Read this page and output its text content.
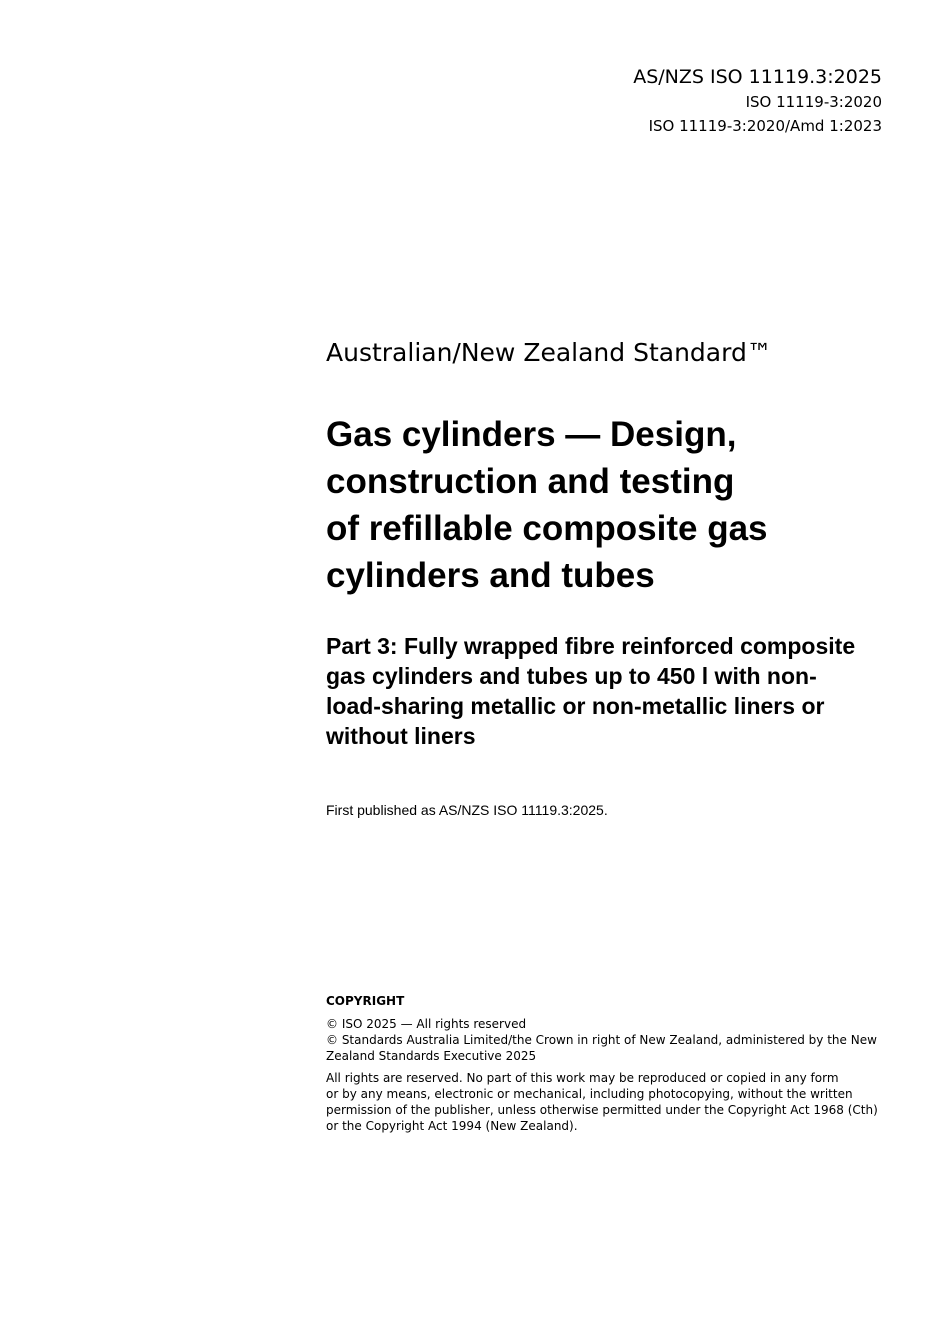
AS/NZS ISO 11119.3:2025
ISO 11119-3:2020
ISO 11119-3:2020/Amd 1:2023
Australian/New Zealand Standard™
Gas cylinders — Design,
construction and testing
of refillable composite gas
cylinders and tubes
Part 3: Fully wrapped fibre reinforced composite
gas cylinders and tubes up to 450 l with non-
load-sharing metallic or non-metallic liners or
without liners
First published as AS/NZS ISO 11119.3:2025.
COPYRIGHT
© ISO 2025 — All rights reserved
© Standards Australia Limited/the Crown in right of New Zealand, administered by the New
Zealand Standards Executive 2025
All rights are reserved. No part of this work may be reproduced or copied in any form
or by any means, electronic or mechanical, including photocopying, without the written
permission of the publisher, unless otherwise permitted under the Copyright Act 1968 (Cth)
or the Copyright Act 1994 (New Zealand).
